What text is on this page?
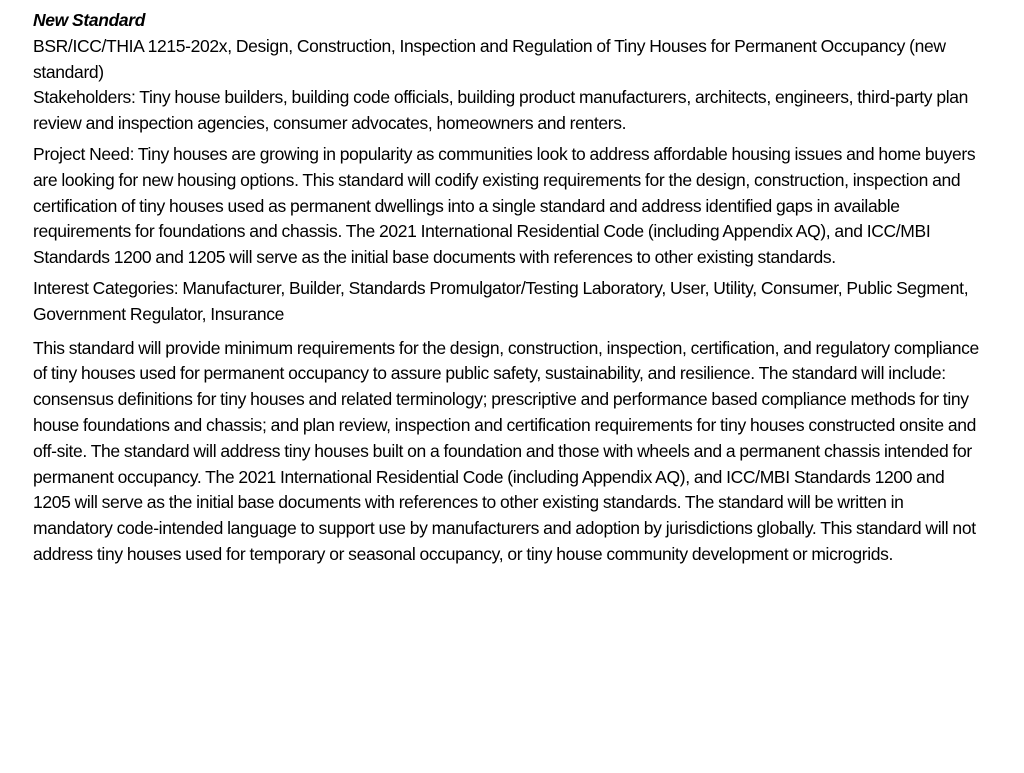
New Standard

BSR/ICC/THIA 1215-202x, Design, Construction, Inspection and Regulation of Tiny Houses for Permanent Occupancy (new standard)

Stakeholders: Tiny house builders, building code officials, building product manufacturers, architects, engineers, third-party plan review and inspection agencies, consumer advocates, homeowners and renters.

Project Need: Tiny houses are growing in popularity as communities look to address affordable housing issues and home buyers are looking for new housing options. This standard will codify existing requirements for the design, construction, inspection and certification of tiny houses used as permanent dwellings into a single standard and address identified gaps in available requirements for foundations and chassis. The 2021 International Residential Code (including Appendix AQ), and ICC/MBI Standards 1200 and 1205 will serve as the initial base documents with references to other existing standards.

Interest Categories: Manufacturer, Builder, Standards Promulgator/Testing Laboratory, User, Utility, Consumer, Public Segment, Government Regulator, Insurance

This standard will provide minimum requirements for the design, construction, inspection, certification, and regulatory compliance of tiny houses used for permanent occupancy to assure public safety, sustainability, and resilience. The standard will include: consensus definitions for tiny houses and related terminology; prescriptive and performance based compliance methods for tiny house foundations and chassis; and plan review, inspection and certification requirements for tiny houses constructed onsite and off-site. The standard will address tiny houses built on a foundation and those with wheels and a permanent chassis intended for permanent occupancy. The 2021 International Residential Code (including Appendix AQ), and ICC/MBI Standards 1200 and 1205 will serve as the initial base documents with references to other existing standards. The standard will be written in mandatory code-intended language to support use by manufacturers and adoption by jurisdictions globally. This standard will not address tiny houses used for temporary or seasonal occupancy, or tiny house community development or microgrids.
